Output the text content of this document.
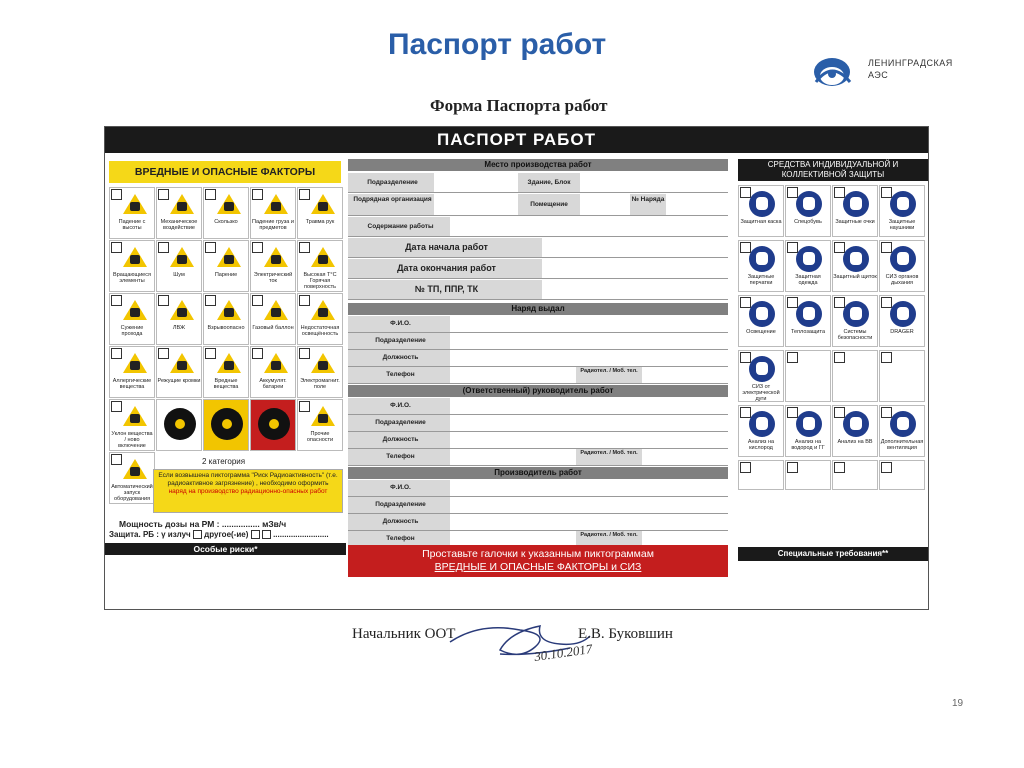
Паспорт работ
ЛЕНИНГРАДСКАЯ
АЭС
Форма Паспорта работ
ПАСПОРТ РАБОТ
ВРЕДНЫЕ И ОПАСНЫЕ ФАКТОРЫ
Падение с высоты
Механическое воздействие
Скользко	Падение груза и предметов
Травма рук
Вращающиеся элементы
Шум	Парение	Электрический ток
Высокая Т°С Горячая поверхность
Сужение прохода
ЛВЖ	Взрывоопасно	Газовый баллон	Недостаточная освещённость
Аллергические вещества
Режущие кромки	Вредные вещества
Аккумулят. батареи
Электромагнит. поле
Уклон вещества / ново включение
Прочие опасности
Автоматический запуск оборудования
2 категория
Если возвышена пиктограмма "Риск Радиоактивность" (т.е. радиоактивное загрязнение) , необходимо оформить
наряд на производство радиационно-опасных работ
Мощность дозы на РМ : ................ мЗв/ч
Защита. РБ : γ излуч другое(-ие)	.........................
Особые риски*
Место производства работ
Подразделение	Здание, Блок
Подрядная организация
Помещение
№ Наряда
Содержание работы
Дата начала работ
Дата окончания работ
№ ТП, ППР, ТК
Наряд выдал
Ф.И.О.
Подразделение
Должность
Телефон	Радиотел. / Моб. тел.
(Ответственный) руководитель работ
Ф.И.О.
Подразделение
Должность
Телефон	Радиотел. / Моб. тел.
Производитель работ
Ф.И.О.
Подразделение
Должность
Телефон	Радиотел. / Моб. тел.
Проставьте галочки к указанным пиктограммам
ВРЕДНЫЕ И ОПАСНЫЕ ФАКТОРЫ и СИЗ
СРЕДСТВА ИНДИВИДУАЛЬНОЙ И КОЛЛЕКТИВНОЙ ЗАЩИТЫ
Защитная каска	Спецобувь	Защитные очки	Защитные наушники
Защитные перчатки
Защитная одежда
Защитный щиток	СИЗ органов дыхания
Освещение	Теплозащита	Системы безопасности
DRAGER
СИЗ от электрической дуги
Анализ на кислород
Анализ на водород и ГГ
Анализ на ВВ	Дополнительная вентиляция
Специальные требования**
Начальник ООТ
30.10.2017
Е.В. Буковшин
19
